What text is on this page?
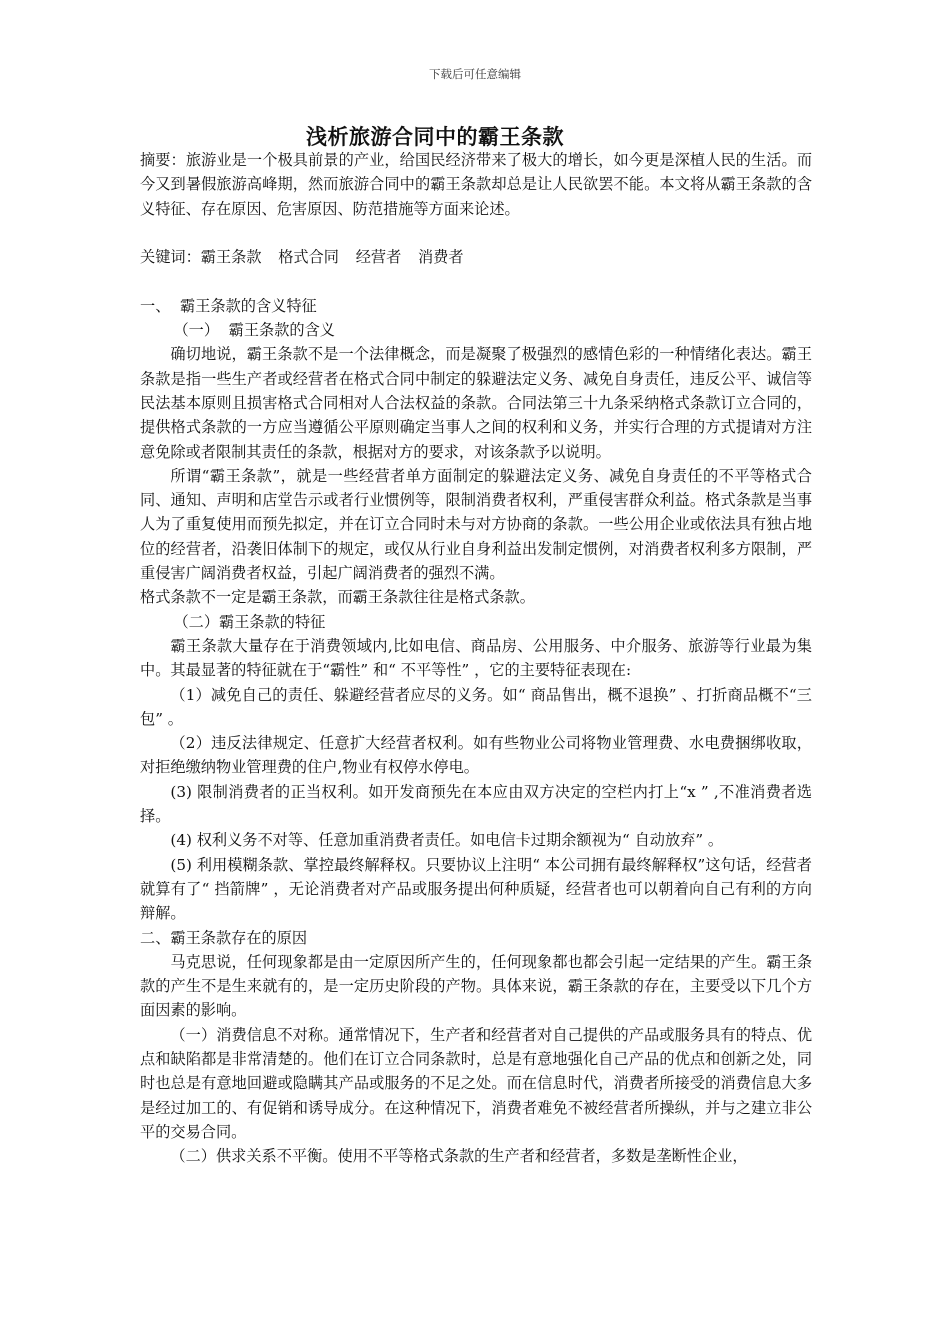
下载后可任意编辑
浅析旅游合同中的霸王条款

摘要：旅游业是一个极具前景的产业，给国民经济带来了极大的增长，如今更是深植人民的生活。而今又到暑假旅游高峰期，然而旅游合同中的霸王条款却总是让人民欲罢不能。本文将从霸王条款的含义特征、存在原因、危害原因、防范措施等方面来论述。

关键词：霸王条款 格式合同 经营者 消费者

一、  霸王条款的含义特征

（一）  霸王条款的含义

确切地说，霸王条款不是一个法律概念，而是凝聚了极强烈的感情色彩的一种情绪化表达。霸王条款是指一些生产者或经营者在格式合同中制定的躲避法定义务、减免自身责任，违反公平、诚信等民法基本原则且损害格式合同相对人合法权益的条款。合同法第三十九条采纳格式条款订立合同的，提供格式条款的一方应当遵循公平原则确定当事人之间的权利和义务，并实行合理的方式提请对方注意免除或者限制其责任的条款，根据对方的要求，对该条款予以说明。

所谓“霸王条款”，就是一些经营者单方面制定的躲避法定义务、减免自身责任的不平等格式合同、通知、声明和店堂告示或者行业惯例等，限制消费者权利，严重侵害群众利益。格式条款是当事人为了重复使用而预先拟定，并在订立合同时未与对方协商的条款。一些公用企业或依法具有独占地位的经营者，沿袭旧体制下的规定，或仅从行业自身利益出发制定惯例，对消费者权利多方限制，严重侵害广阔消费者权益，引起广阔消费者的强烈不满。

格式条款不一定是霸王条款，而霸王条款往往是格式条款。

（二）霸王条款的特征

霸王条款大量存在于消费领域内,比如电信、商品房、公用服务、中介服务、旅游等行业最为集中。其最显著的特征就在于“霸性” 和“ 不平等性” ，它的主要特征表现在:

（1）减免自己的责任、躲避经营者应尽的义务。如“ 商品售出，概不退换” 、打折商品概不“三包” 。

（2）违反法律规定、任意扩大经营者权利。如有些物业公司将物业管理费、水电费捆绑收取，对拒绝缴纳物业管理费的住户,物业有权停水停电。

(3) 限制消费者的正当权利。如开发商预先在本应由双方决定的空栏内打上“x ” ,不准消费者选择。

(4) 权利义务不对等、任意加重消费者责任。如电信卡过期余额视为“ 自动放弃” 。

(5) 利用模糊条款、掌控最终解释权。只要协议上注明“ 本公司拥有最终解释权”这句话，经营者就算有了“ 挡箭牌” ，无论消费者对产品或服务提出何种质疑，经营者也可以朝着向自己有利的方向辩解。

二、霸王条款存在的原因

马克思说，任何现象都是由一定原因所产生的，任何现象都也都会引起一定结果的产生。霸王条款的产生不是生来就有的，是一定历史阶段的产物。具体来说，霸王条款的存在，主要受以下几个方面因素的影响。

（一）消费信息不对称。通常情况下，生产者和经营者对自己提供的产品或服务具有的特点、优点和缺陷都是非常清楚的。他们在订立合同条款时，总是有意地强化自己产品的优点和创新之处，同时也总是有意地回避或隐瞒其产品或服务的不足之处。而在信息时代，消费者所接受的消费信息大多是经过加工的、有促销和诱导成分。在这种情况下，消费者难免不被经营者所操纵，并与之建立非公平的交易合同。

（二）供求关系不平衡。使用不平等格式条款的生产者和经营者，多数是垄断性企业，
